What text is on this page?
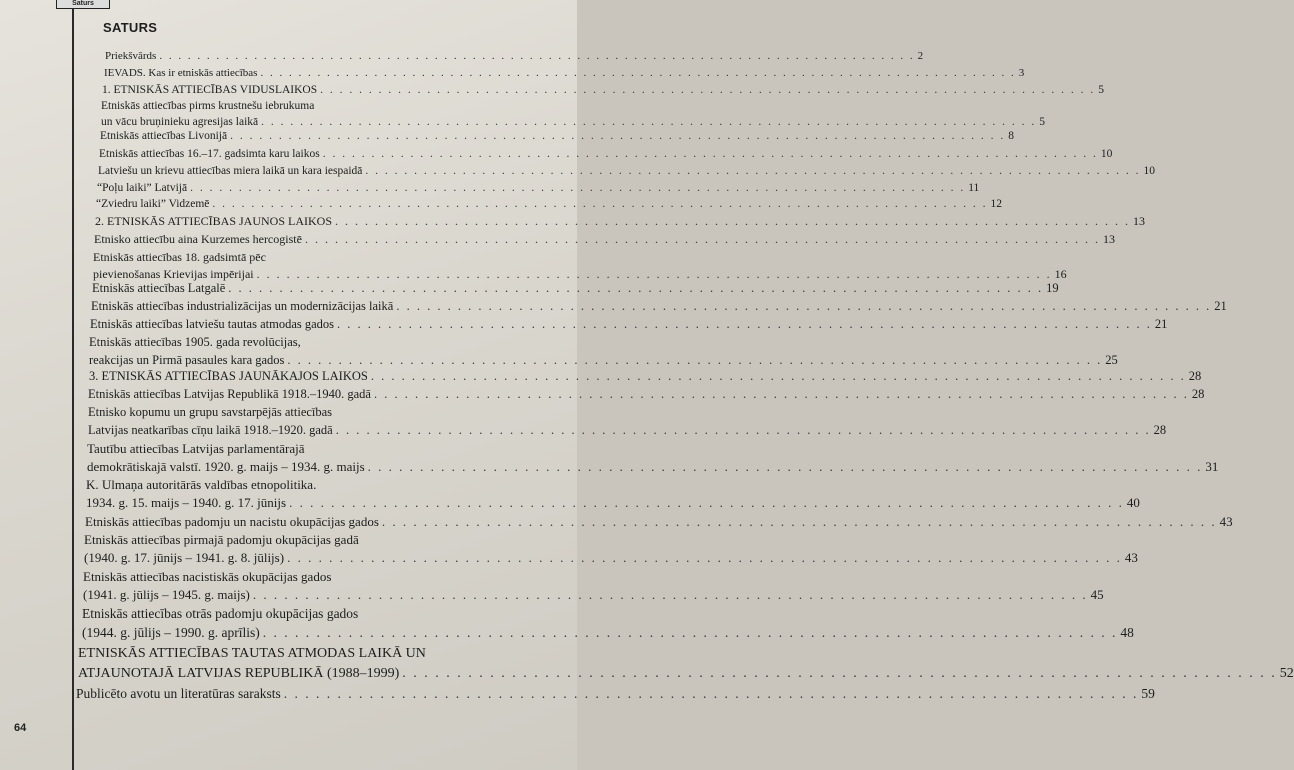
Saturs
64
SATURS
Priekšvārds . . . . . . . . . . . . . . . . . . . . . . . . . . . . . . . . . . . . . . . . . . . . . . . . . . . . . . . . . . . . . . . . . . . . . . . . . . . . . . . . 2
IEVADS. Kas ir etniskās attiecības . . . . . . . . . . . . . . . . . . . . . . . . . . . . . . . . . . . . . . . . . . . . . . . . . . . . . . . . . . . . . . . . . . . . . . . . . . . . . . . . 3
1. ETNISKĀS ATTIECĪBAS VIDUSLAIKOS . . . . . . . . . . . . . . . . . . . . . . . . . . . . . . . . . . . . . . . . . . . . . . . . . . . . . . . . . . . . . . . . . . . . . . . . . . . . . . . . 5
Etniskās attiecības pirms krustnešu iebrukuma
un vācu bruņinieku agresijas laikā . . . . . . . . . . . . . . . . . . . . . . . . . . . . . . . . . . . . . . . . . . . . . . . . . . . . . . . . . . . . . . . . . . . . . . . . . . . . . . . . 5
Etniskās attiecības Livonijā . . . . . . . . . . . . . . . . . . . . . . . . . . . . . . . . . . . . . . . . . . . . . . . . . . . . . . . . . . . . . . . . . . . . . . . . . . . . . . . . 8
Etniskās attiecības 16.–17. gadsimta karu laikos . . . . . . . . . . . . . . . . . . . . . . . . . . . . . . . . . . . . . . . . . . . . . . . . . . . . . . . . . . . . . . . . . . . . . . . . . . . . . . . . 10
Latviešu un krievu attiecības miera laikā un kara iespaidā . . . . . . . . . . . . . . . . . . . . . . . . . . . . . . . . . . . . . . . . . . . . . . . . . . . . . . . . . . . . . . . . . . . . . . . . . . . . . . . . 10
“Poļu laiki” Latvijā . . . . . . . . . . . . . . . . . . . . . . . . . . . . . . . . . . . . . . . . . . . . . . . . . . . . . . . . . . . . . . . . . . . . . . . . . . . . . . . . 11
“Zviedru laiki” Vidzemē . . . . . . . . . . . . . . . . . . . . . . . . . . . . . . . . . . . . . . . . . . . . . . . . . . . . . . . . . . . . . . . . . . . . . . . . . . . . . . . . 12
2. ETNISKĀS ATTIECĪBAS JAUNOS LAIKOS . . . . . . . . . . . . . . . . . . . . . . . . . . . . . . . . . . . . . . . . . . . . . . . . . . . . . . . . . . . . . . . . . . . . . . . . . . . . . . . . 13
Etnisko attiecību aina Kurzemes hercogistē . . . . . . . . . . . . . . . . . . . . . . . . . . . . . . . . . . . . . . . . . . . . . . . . . . . . . . . . . . . . . . . . . . . . . . . . . . . . . . . . 13
Etniskās attiecības 18. gadsimtā pēc
pievienošanas Krievijas impērijai . . . . . . . . . . . . . . . . . . . . . . . . . . . . . . . . . . . . . . . . . . . . . . . . . . . . . . . . . . . . . . . . . . . . . . . . . . . . . . . . 16
Etniskās attiecības Latgalē . . . . . . . . . . . . . . . . . . . . . . . . . . . . . . . . . . . . . . . . . . . . . . . . . . . . . . . . . . . . . . . . . . . . . . . . . . . . . . . . 19
Etniskās attiecības industrializācijas un modernizācijas laikā . . . . . . . . . . . . . . . . . . . . . . . . . . . . . . . . . . . . . . . . . . . . . . . . . . . . . . . . . . . . . . . . . . . . . . . . . . . . . . . . 21
Etniskās attiecības latviešu tautas atmodas gados . . . . . . . . . . . . . . . . . . . . . . . . . . . . . . . . . . . . . . . . . . . . . . . . . . . . . . . . . . . . . . . . . . . . . . . . . . . . . . . . 21
Etniskās attiecības 1905. gada revolūcijas,
reakcijas un Pirmā pasaules kara gados . . . . . . . . . . . . . . . . . . . . . . . . . . . . . . . . . . . . . . . . . . . . . . . . . . . . . . . . . . . . . . . . . . . . . . . . . . . . . . . . 25
3. ETNISKĀS ATTIECĪBAS JAUNĀKAJOS LAIKOS . . . . . . . . . . . . . . . . . . . . . . . . . . . . . . . . . . . . . . . . . . . . . . . . . . . . . . . . . . . . . . . . . . . . . . . . . . . . . . . . 28
Etniskās attiecības Latvijas Republikā 1918.–1940. gadā . . . . . . . . . . . . . . . . . . . . . . . . . . . . . . . . . . . . . . . . . . . . . . . . . . . . . . . . . . . . . . . . . . . . . . . . . . . . . . . . 28
Etnisko kopumu un grupu savstarpējās attiecības
Latvijas neatkarības cīņu laikā 1918.–1920. gadā . . . . . . . . . . . . . . . . . . . . . . . . . . . . . . . . . . . . . . . . . . . . . . . . . . . . . . . . . . . . . . . . . . . . . . . . . . . . . . . . 28
Tautību attiecības Latvijas parlamentārajā
demokrātiskajā valstī. 1920. g. maijs – 1934. g. maijs . . . . . . . . . . . . . . . . . . . . . . . . . . . . . . . . . . . . . . . . . . . . . . . . . . . . . . . . . . . . . . . . . . . . . . . . . . . . . . . . 31
K. Ulmaņa autoritārās valdības etnopolitika.
1934. g. 15. maijs – 1940. g. 17. jūnijs . . . . . . . . . . . . . . . . . . . . . . . . . . . . . . . . . . . . . . . . . . . . . . . . . . . . . . . . . . . . . . . . . . . . . . . . . . . . . . . . 40
Etniskās attiecības padomju un nacistu okupācijas gados . . . . . . . . . . . . . . . . . . . . . . . . . . . . . . . . . . . . . . . . . . . . . . . . . . . . . . . . . . . . . . . . . . . . . . . . . . . . . . . . 43
Etniskās attiecības pirmajā padomju okupācijas gadā
(1940. g. 17. jūnijs – 1941. g. 8. jūlijs) . . . . . . . . . . . . . . . . . . . . . . . . . . . . . . . . . . . . . . . . . . . . . . . . . . . . . . . . . . . . . . . . . . . . . . . . . . . . . . . . 43
Etniskās attiecības nacistiskās okupācijas gados
(1941. g. jūlijs – 1945. g. maijs) . . . . . . . . . . . . . . . . . . . . . . . . . . . . . . . . . . . . . . . . . . . . . . . . . . . . . . . . . . . . . . . . . . . . . . . . . . . . . . . . 45
Etniskās attiecības otrās padomju okupācijas gados
(1944. g. jūlijs – 1990. g. aprīlis) . . . . . . . . . . . . . . . . . . . . . . . . . . . . . . . . . . . . . . . . . . . . . . . . . . . . . . . . . . . . . . . . . . . . . . . . . . . . . . . . 48
ETNISKĀS ATTIECĪBAS TAUTAS ATMODAS LAIKĀ UN
ATJAUNOTAJĀ LATVIJAS REPUBLIKĀ (1988–1999) . . . . . . . . . . . . . . . . . . . . . . . . . . . . . . . . . . . . . . . . . . . . . . . . . . . . . . . . . . . . . . . . . . . . . . . . . . . . . . . . 52
Publicēto avotu un literatūras saraksts . . . . . . . . . . . . . . . . . . . . . . . . . . . . . . . . . . . . . . . . . . . . . . . . . . . . . . . . . . . . . . . . . . . . . . . . . . . . . . . . 59
